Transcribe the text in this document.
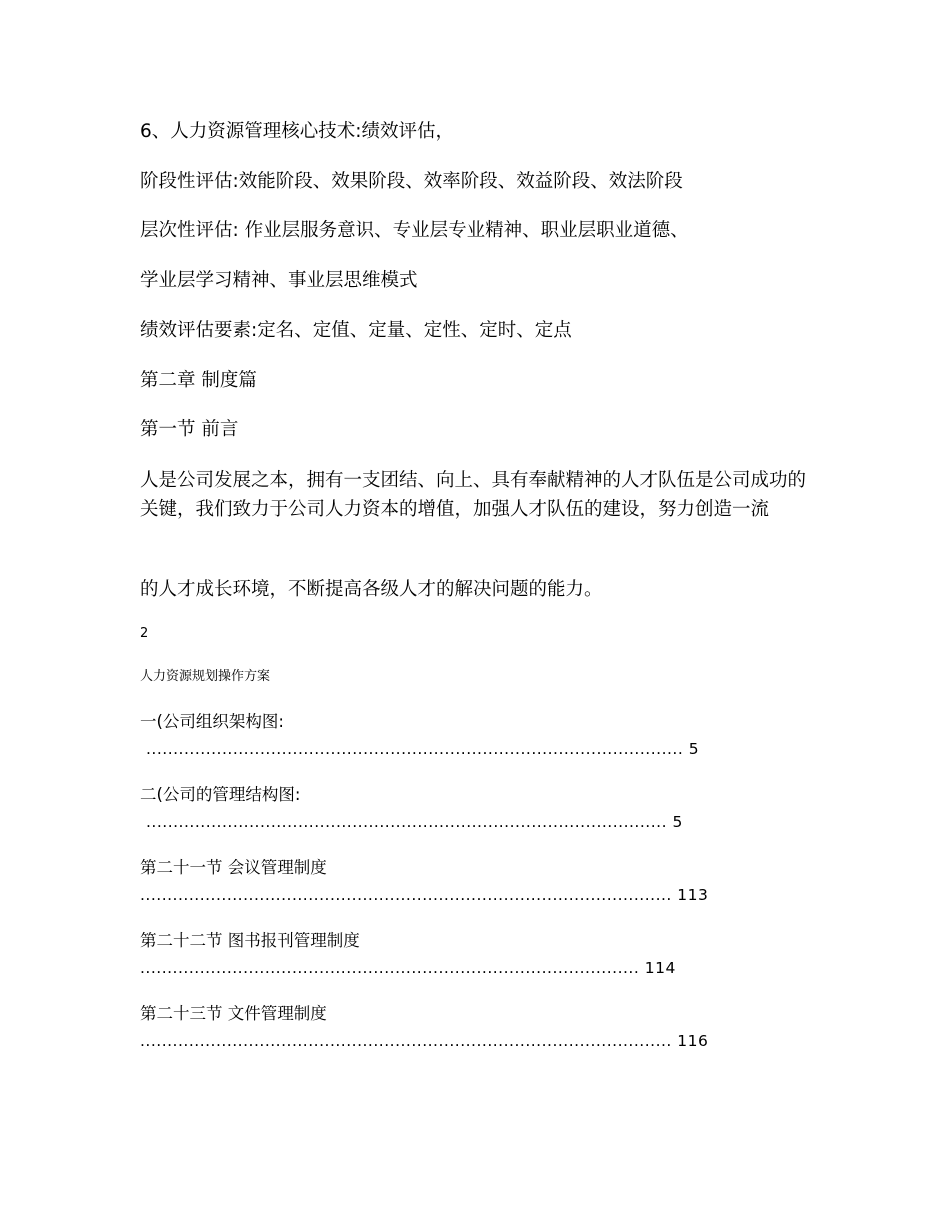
6、人力资源管理核心技术:绩效评估，
阶段性评估:效能阶段、效果阶段、效率阶段、效益阶段、效法阶段
层次性评估: 作业层服务意识、专业层专业精神、职业层职业道德、
学业层学习精神、事业层思维模式
绩效评估要素:定名、定值、定量、定性、定时、定点
第二章 制度篇
第一节 前言
人是公司发展之本，拥有一支团结、向上、具有奉献精神的人才队伍是公司成功的关键，我们致力于公司人力资本的增值，加强人才队伍的建设，努力创造一流
的人才成长环境，不断提高各级人才的解决问题的能力。
2
人力资源规划操作方案
一(公司组织架构图:
................................................................................................... 5
二(公司的管理结构图:
................................................................................................ 5
第二十一节 会议管理制度
.................................................................................................. 113
第二十二节 图书报刊管理制度
............................................................................................ 114
第二十三节 文件管理制度
.................................................................................................. 116
